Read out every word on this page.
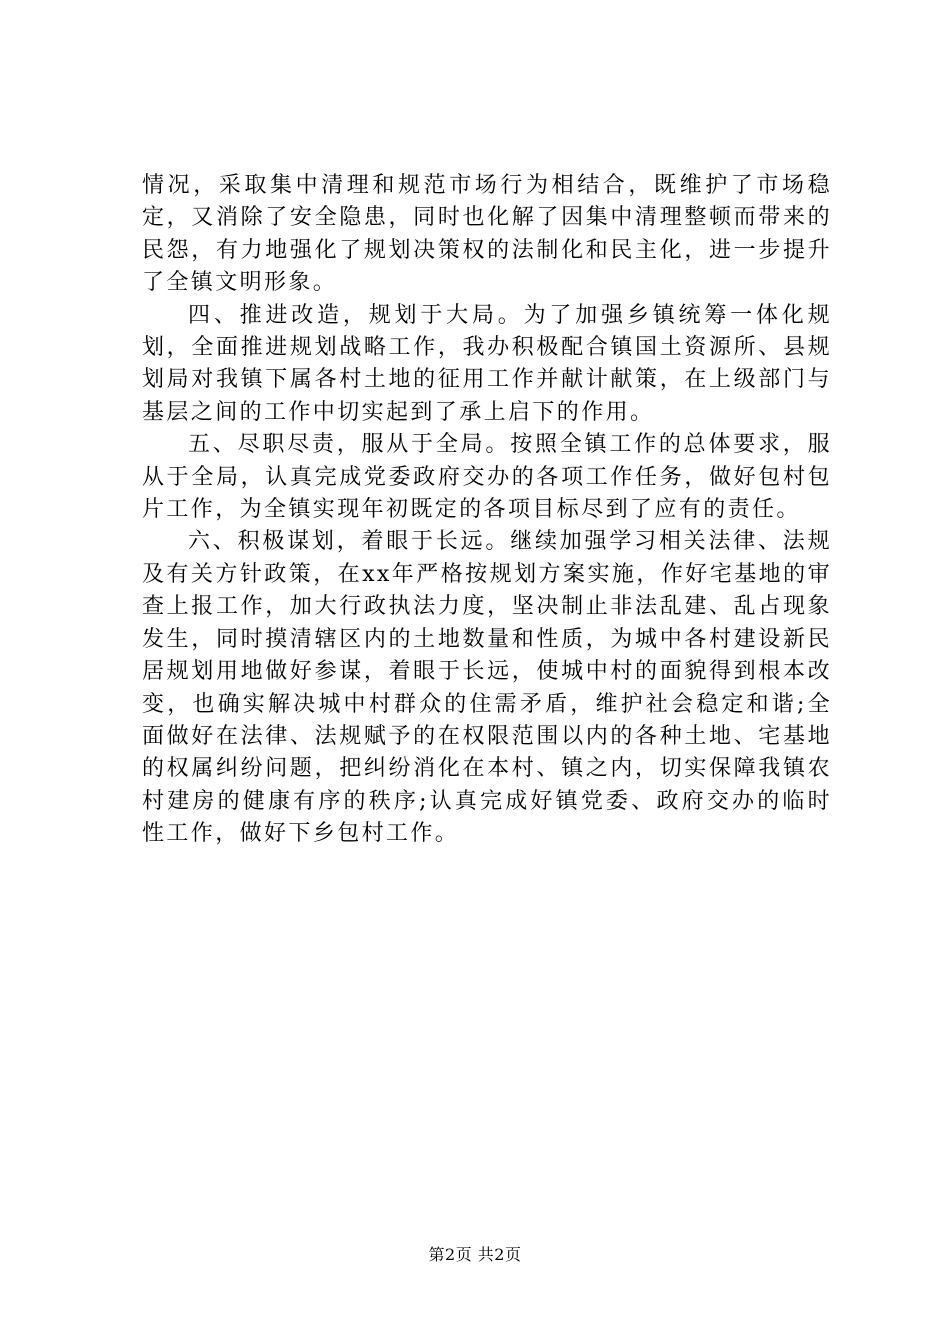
情况，采取集中清理和规范市场行为相结合，既维护了市场稳定，又消除了安全隐患，同时也化解了因集中清理整顿而带来的民怨，有力地强化了规划决策权的法制化和民主化，进一步提升了全镇文明形象。

四、推进改造，规划于大局。为了加强乡镇统筹一体化规划，全面推进规划战略工作，我办积极配合镇国土资源所、县规划局对我镇下属各村土地的征用工作并献计献策，在上级部门与基层之间的工作中切实起到了承上启下的作用。

五、尽职尽责，服从于全局。按照全镇工作的总体要求，服从于全局，认真完成党委政府交办的各项工作任务，做好包村包片工作，为全镇实现年初既定的各项目标尽到了应有的责任。

六、积极谋划，着眼于长远。继续加强学习相关法律、法规及有关方针政策，在xx年严格按规划方案实施，作好宅基地的审查上报工作，加大行政执法力度，坚决制止非法乱建、乱占现象发生，同时摸清辖区内的土地数量和性质，为城中各村建设新民居规划用地做好参谋，着眼于长远，使城中村的面貌得到根本改变，也确实解决城中村群众的住需矛盾，维护社会稳定和谐;全面做好在法律、法规赋予的在权限范围以内的各种土地、宅基地的权属纠纷问题，把纠纷消化在本村、镇之内，切实保障我镇农村建房的健康有序的秩序;认真完成好镇党委、政府交办的临时性工作，做好下乡包村工作。

第2页 共2页
